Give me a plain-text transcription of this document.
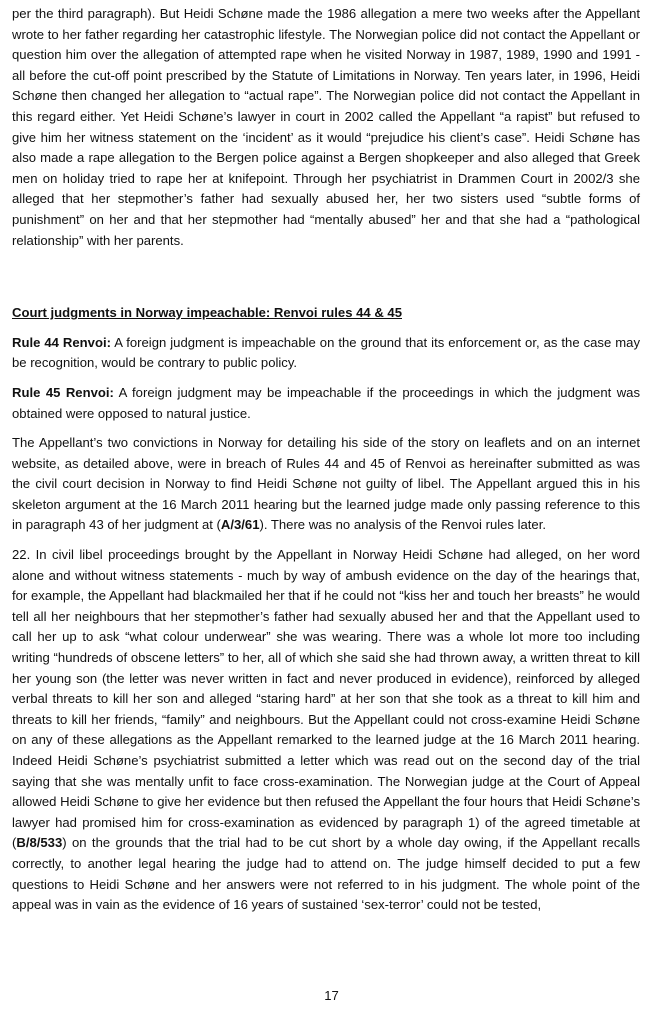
per the third paragraph). But Heidi Schøne made the 1986 allegation a mere two weeks after the Appellant wrote to her father regarding her catastrophic lifestyle. The Norwegian police did not contact the Appellant or question him over the allegation of attempted rape when he visited Norway in 1987, 1989, 1990 and 1991 - all before the cut-off point prescribed by the Statute of Limitations in Norway. Ten years later, in 1996, Heidi Schøne then changed her allegation to “actual rape”. The Norwegian police did not contact the Appellant in this regard either. Yet Heidi Schøne’s lawyer in court in 2002 called the Appellant “a rapist” but refused to give him her witness statement on the ‘incident’ as it would “prejudice his client’s case”. Heidi Schøne has also made a rape allegation to the Bergen police against a Bergen shopkeeper and also alleged that Greek men on holiday tried to rape her at knifepoint. Through her psychiatrist in Drammen Court in 2002/3 she alleged that her stepmother’s father had sexually abused her, her two sisters used “subtle forms of punishment” on her and that her stepmother had “mentally abused” her and that she had a “pathological relationship” with her parents.

Court judgments in Norway impeachable: Renvoi rules 44 & 45

Rule 44 Renvoi: A foreign judgment is impeachable on the ground that its enforcement or, as the case may be recognition, would be contrary to public policy.

Rule 45 Renvoi: A foreign judgment may be impeachable if the proceedings in which the judgment was obtained were opposed to natural justice.

The Appellant’s two convictions in Norway for detailing his side of the story on leaflets and on an internet website, as detailed above, were in breach of Rules 44 and 45 of Renvoi as hereinafter submitted as was the civil court decision in Norway to find Heidi Schøne not guilty of libel. The Appellant argued this in his skeleton argument at the 16 March 2011 hearing but the learned judge made only passing reference to this in paragraph 43 of her judgment at (A/3/61). There was no analysis of the Renvoi rules later.

22. In civil libel proceedings brought by the Appellant in Norway Heidi Schøne had alleged, on her word alone and without witness statements - much by way of ambush evidence on the day of the hearings that, for example, the Appellant had blackmailed her that if he could not “kiss her and touch her breasts” he would tell all her neighbours that her stepmother’s father had sexually abused her and that the Appellant used to call her up to ask “what colour underwear” she was wearing. There was a whole lot more too including writing “hundreds of obscene letters” to her, all of which she said she had thrown away, a written threat to kill her young son (the letter was never written in fact and never produced in evidence), reinforced by alleged verbal threats to kill her son and alleged “staring hard” at her son that she took as a threat to kill him and threats to kill her friends, “family” and neighbours. But the Appellant could not cross-examine Heidi Schøne on any of these allegations as the Appellant remarked to the learned judge at the 16 March 2011 hearing. Indeed Heidi Schøne’s psychiatrist submitted a letter which was read out on the second day of the trial saying that she was mentally unfit to face cross-examination. The Norwegian judge at the Court of Appeal allowed Heidi Schøne to give her evidence but then refused the Appellant the four hours that Heidi Schøne’s lawyer had promised him for cross-examination as evidenced by paragraph 1) of the agreed timetable at (B/8/533) on the grounds that the trial had to be cut short by a whole day owing, if the Appellant recalls correctly, to another legal hearing the judge had to attend on. The judge himself decided to put a few questions to Heidi Schøne and her answers were not referred to in his judgment. The whole point of the appeal was in vain as the evidence of 16 years of sustained ‘sex-terror’ could not be tested,

17
